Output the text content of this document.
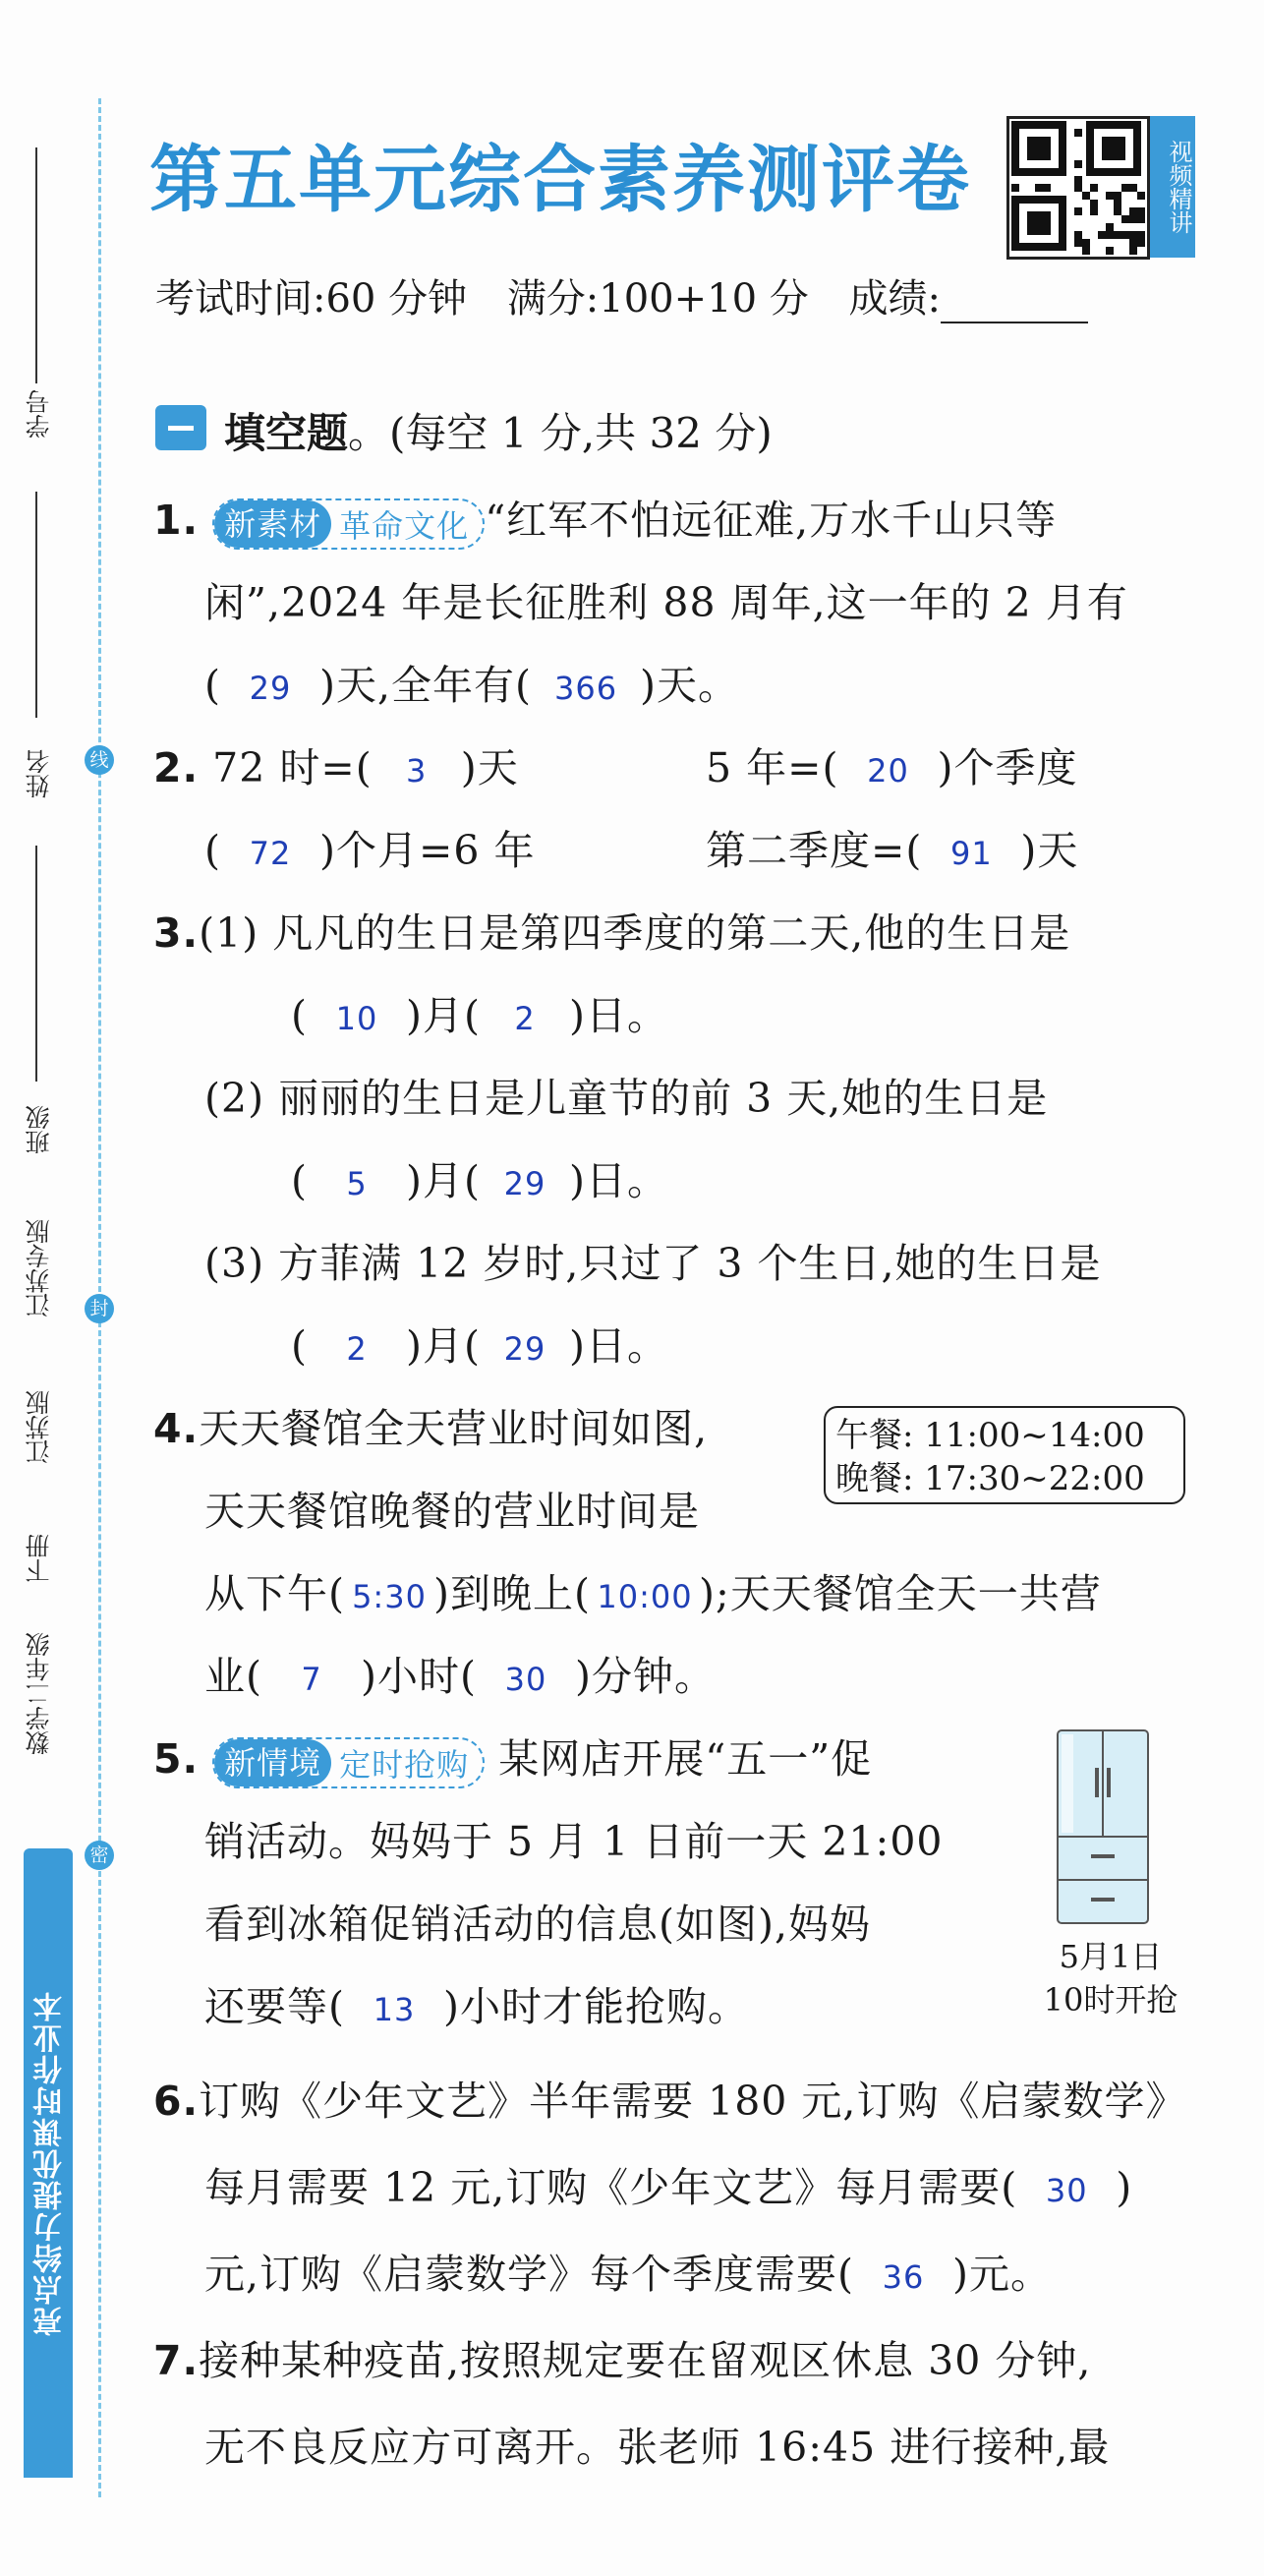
学号
姓名
班级
江苏专版
江苏版
下册
数学二年级
亮点给力提优课时作业本
线
封
密
第五单元综合素养测评卷	视频精讲
考试时间:60 分钟 满分:100+10 分 成绩:
填空题。(每空 1 分,共 32 分)
1. 新素材 革命文化 “红军不怕远征难,万水千山只等
闲”,2024 年是长征胜利 88 周年,这一年的 2 月有
( 29 )天,全年有( 366 )天。
2. 72 时=( 3 )天	5 年=( 20 )个季度
( 72 )个月=6 年	第二季度=( 91 )天
3.(1) 凡凡的生日是第四季度的第二天,他的生日是
( 10 )月( 2 )日。
(2) 丽丽的生日是儿童节的前 3 天,她的生日是
( 5 )月( 29 )日。
(3) 方菲满 12 岁时,只过了 3 个生日,她的生日是
( 2 )月( 29 )日。
4.天天餐馆全天营业时间如图,	午餐: 11:00~14:00
晚餐: 17:30~22:00
天天餐馆晚餐的营业时间是
从下午( 5:30 )到晚上( 10:00 );天天餐馆全天一共营
业( 7 )小时( 30 )分钟。
5. 新情境 定时抢购 某网店开展“五一”促
销活动。妈妈于 5 月 1 日前一天 21:00
看到冰箱促销活动的信息(如图),妈妈
还要等( 13 )小时才能抢购。
5月1日
10时开抢
6.订购《少年文艺》半年需要 180 元,订购《启蒙数学》
每月需要 12 元,订购《少年文艺》每月需要( 30 )
元,订购《启蒙数学》每个季度需要( 36 )元。
7.接种某种疫苗,按照规定要在留观区休息 30 分钟,
无不良反应方可离开。张老师 16:45 进行接种,最
